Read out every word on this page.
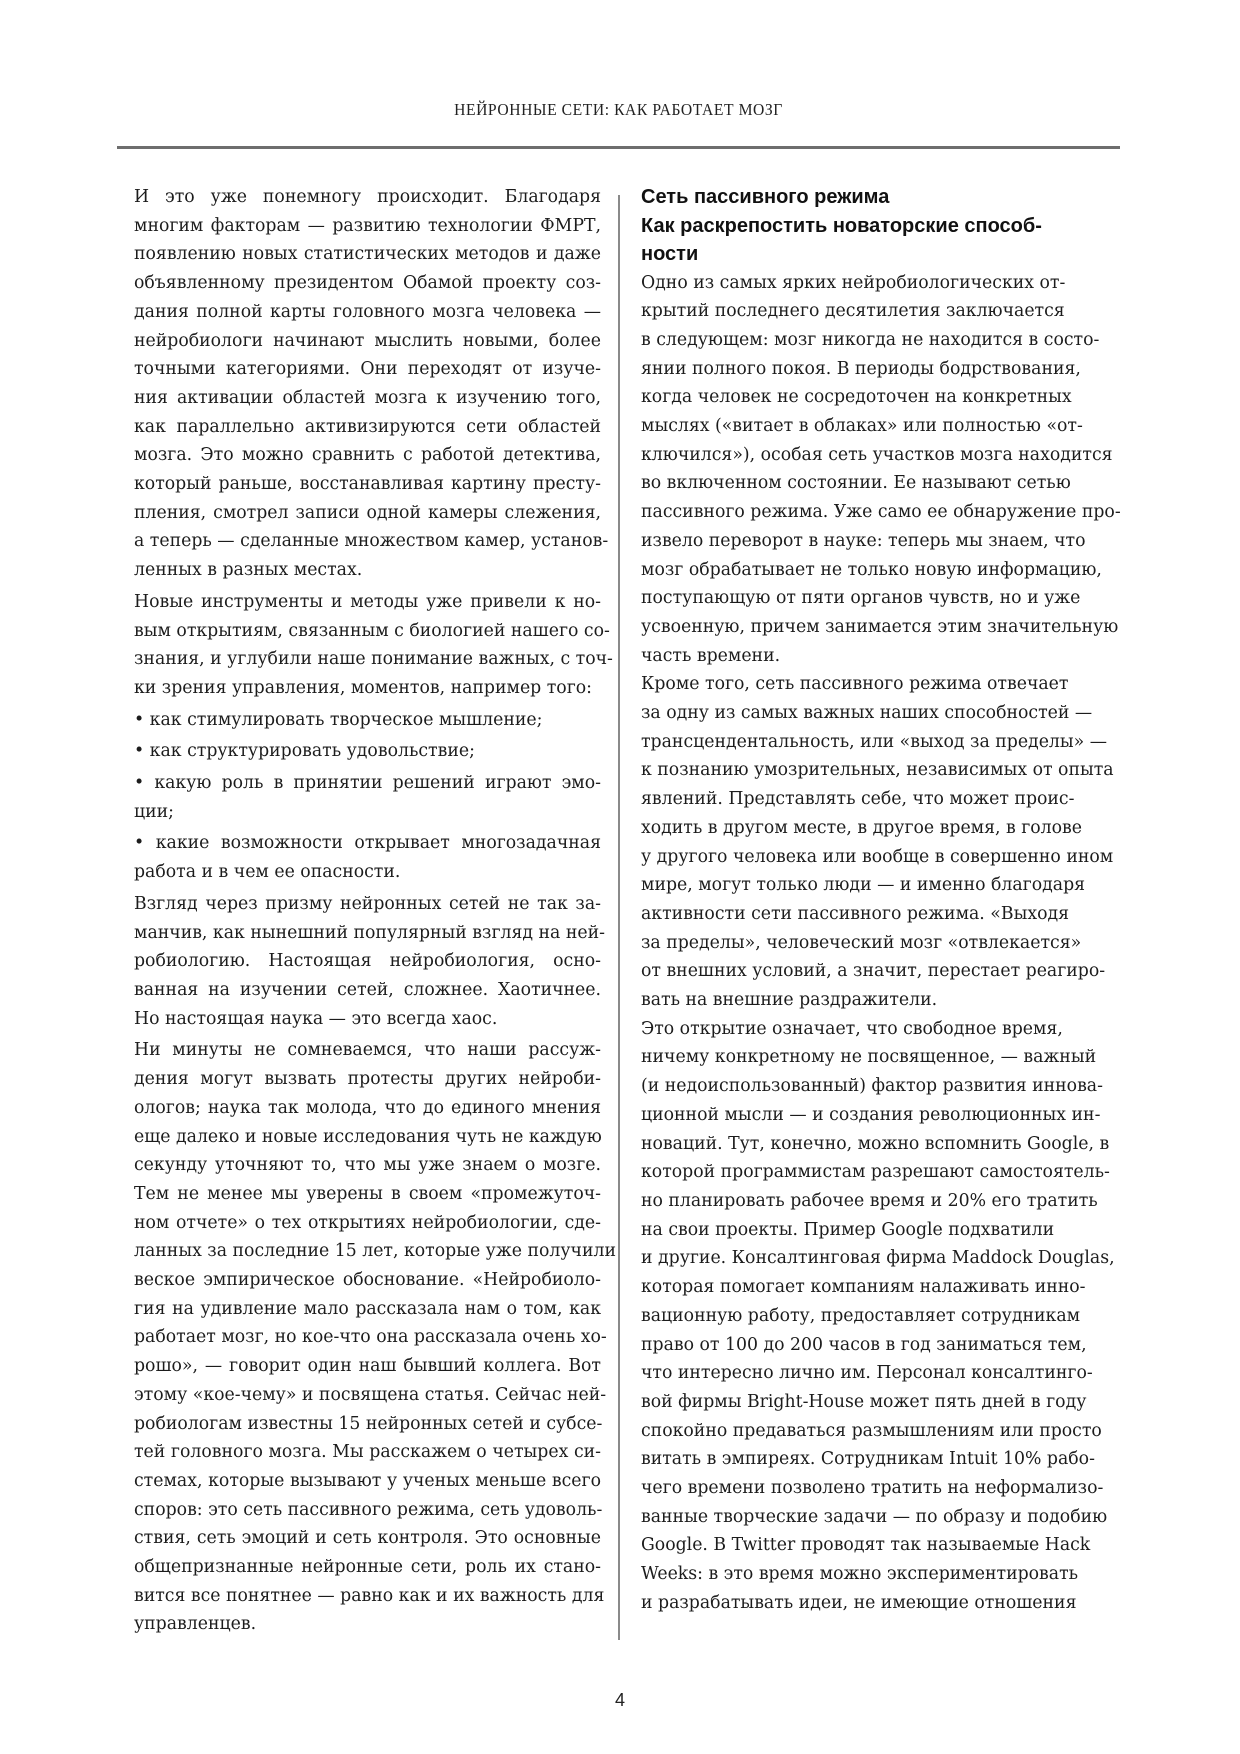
НЕЙРОННЫЕ СЕТИ: КАК РАБОТАЕТ МОЗГ

И это уже понемногу происходит. Благодаря
многим факторам — развитию технологии ФМРТ,
появлению новых статистических методов и даже
объявленному президентом Обамой проекту соз-
дания полной карты головного мозга человека —
нейробиологи начинают мыслить новыми, более
точными категориями. Они переходят от изуче-
ния активации областей мозга к изучению того,
как параллельно активизируются сети областей
мозга. Это можно сравнить с работой детектива,
который раньше, восстанавливая картину престу-
пления, смотрел записи одной камеры слежения,
а теперь — сделанные множеством камер, установ-
ленных в разных местах.

Новые инструменты и методы уже привели к но-
вым открытиям, связанным с биологией нашего со-
знания, и углубили наше понимание важных, с точ-
ки зрения управления, моментов, например того:

• как стимулировать творческое мышление;

• как структурировать удовольствие;

• какую роль в принятии решений играют эмо-
ции;

• какие возможности открывает многозадачная
работа и в чем ее опасности.

Взгляд через призму нейронных сетей не так за-
манчив, как нынешний популярный взгляд на ней-
робиологию. Настоящая нейробиология, осно-
ванная на изучении сетей, сложнее. Хаотичнее.
Но настоящая наука — это всегда хаос.

Ни минуты не сомневаемся, что наши рассуж-
дения могут вызвать протесты других нейроби-
ологов; наука так молода, что до единого мнения
еще далеко и новые исследования чуть не каждую
секунду уточняют то, что мы уже знаем о мозге.
Тем не менее мы уверены в своем «промежуточ-
ном отчете» о тех открытиях нейробиологии, сде-
ланных за последние 15 лет, которые уже получили
веское эмпирическое обоснование. «Нейробиоло-
гия на удивление мало рассказала нам о том, как
работает мозг, но кое-что она рассказала очень хо-
рошо», — говорит один наш бывший коллега. Вот
этому «кое-чему» и посвящена статья. Сейчас ней-
робиологам известны 15 нейронных сетей и субсе-
тей головного мозга. Мы расскажем о четырех си-
стемах, которые вызывают у ученых меньше всего
споров: это сеть пассивного режима, сеть удоволь-
ствия, сеть эмоций и сеть контроля. Это основные
общепризнанные нейронные сети, роль их стано-
вится все понятнее — равно как и их важность для
управленцев.

Сеть пассивного режима
Как раскрепостить новаторские способ-
ности
Одно из самых ярких нейробиологических от-
крытий последнего десятилетия заключается
в следующем: мозг никогда не находится в состо-
янии полного покоя. В периоды бодрствования,
когда человек не сосредоточен на конкретных
мыслях («витает в облаках» или полностью «от-
ключился»), особая сеть участков мозга находится
во включенном состоянии. Ее называют сетью
пассивного режима. Уже само ее обнаружение про-
извело переворот в науке: теперь мы знаем, что
мозг обрабатывает не только новую информацию,
поступающую от пяти органов чувств, но и уже
усвоенную, причем занимается этим значительную
часть времени.
Кроме того, сеть пассивного режима отвечает
за одну из самых важных наших способностей —
трансцендентальность, или «выход за пределы» —
к познанию умозрительных, независимых от опыта
явлений. Представлять себе, что может проис-
ходить в другом месте, в другое время, в голове
у другого человека или вообще в совершенно ином
мире, могут только люди — и именно благодаря
активности сети пассивного режима. «Выходя
за пределы», человеческий мозг «отвлекается»
от внешних условий, а значит, перестает реагиро-
вать на внешние раздражители.
Это открытие означает, что свободное время,
ничему конкретному не посвященное, — важный
(и недоиспользованный) фактор развития иннова-
ционной мысли — и создания революционных ин-
новаций. Тут, конечно, можно вспомнить Google, в
которой программистам разрешают самостоятель-
но планировать рабочее время и 20% его тратить
на свои проекты. Пример Google подхватили
и другие. Консалтинговая фирма Maddock Douglas,
которая помогает компаниям налаживать инно-
вационную работу, предоставляет сотрудникам
право от 100 до 200 часов в год заниматься тем,
что интересно лично им. Персонал консалтинго-
вой фирмы Bright-House может пять дней в году
спокойно предаваться размышлениям или просто
витать в эмпиреях. Сотрудникам Intuit 10% рабо-
чего времени позволено тратить на неформализо-
ванные творческие задачи — по образу и подобию
Google. В Twitter проводят так называемые Hack
Weeks: в это время можно экспериментировать
и разрабатывать идеи, не имеющие отношения
4
